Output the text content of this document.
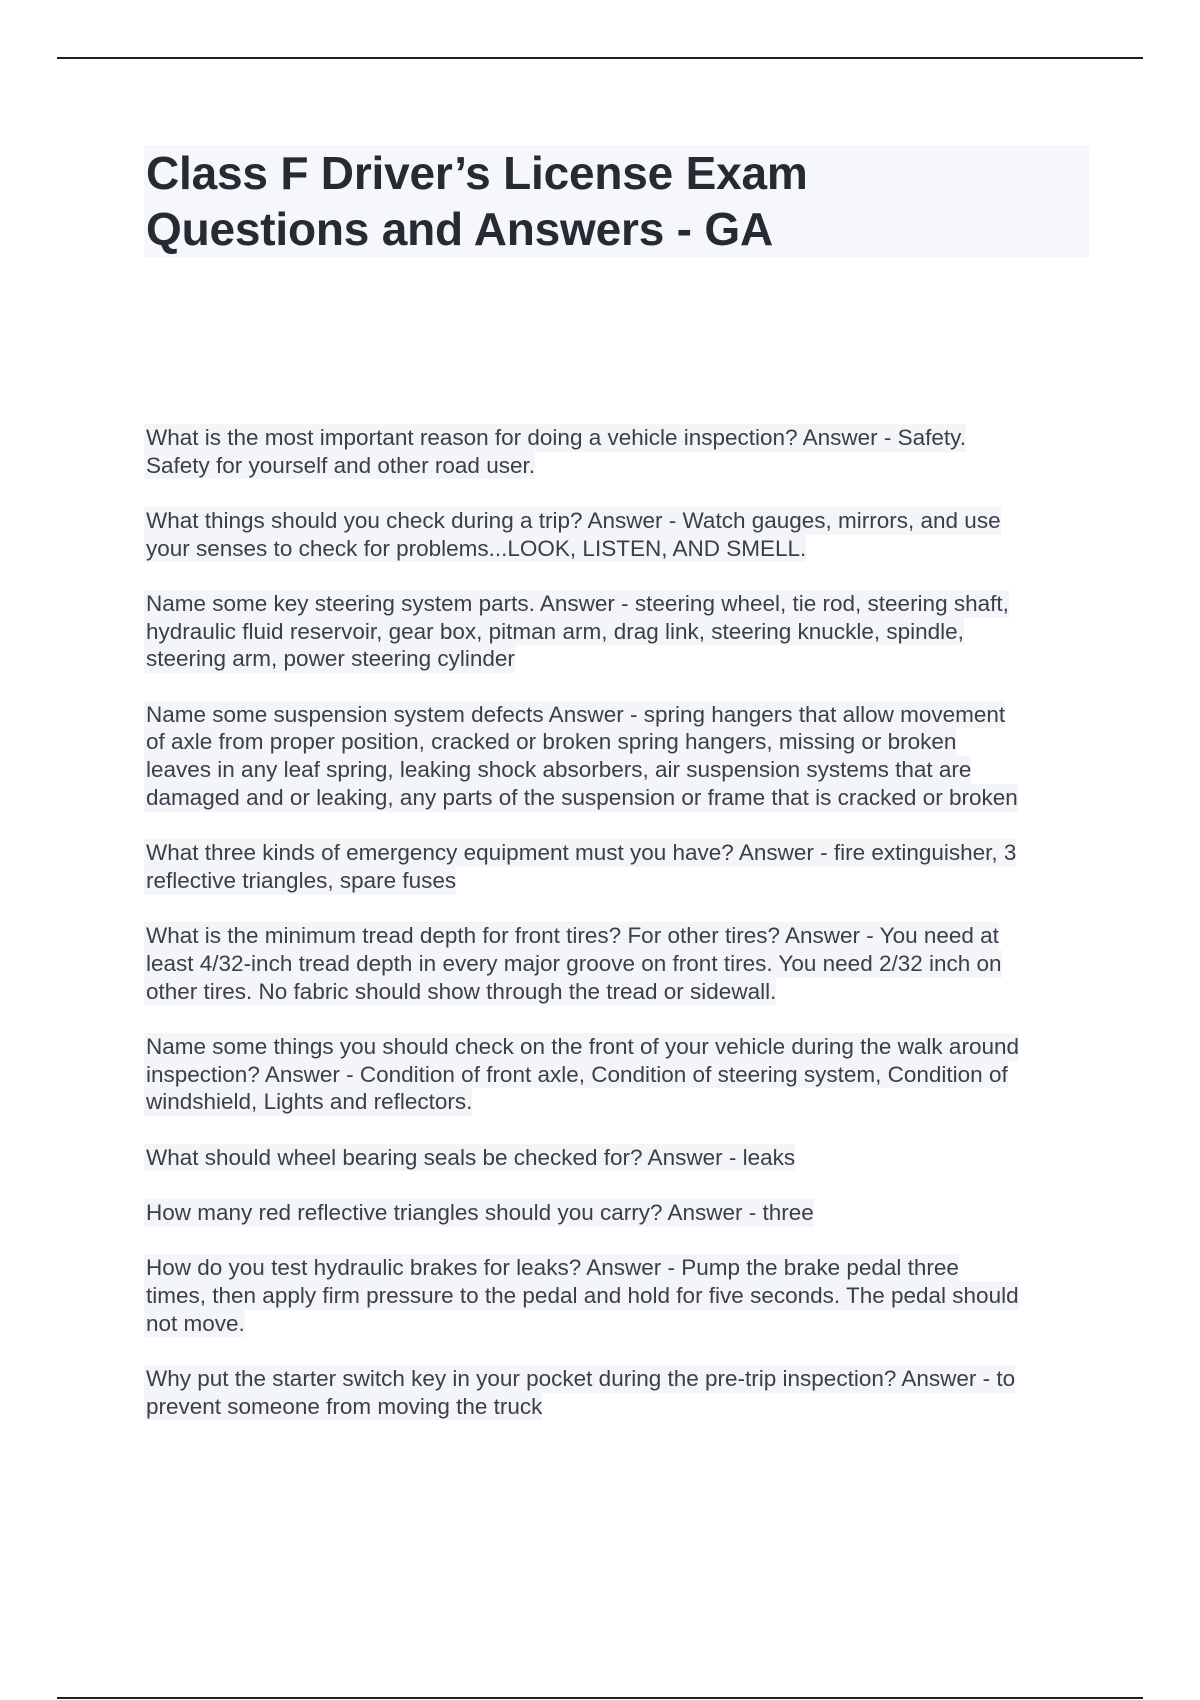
Class F Driver’s License Exam
Questions and Answers - GA
What is the most important reason for doing a vehicle inspection? Answer - Safety.
Safety for yourself and other road user.
What things should you check during a trip? Answer - Watch gauges, mirrors, and use
your senses to check for problems...LOOK, LISTEN, AND SMELL.
Name some key steering system parts. Answer - steering wheel, tie rod, steering shaft,
hydraulic fluid reservoir, gear box, pitman arm, drag link, steering knuckle, spindle,
steering arm, power steering cylinder
Name some suspension system defects Answer - spring hangers that allow movement
of axle from proper position, cracked or broken spring hangers, missing or broken
leaves in any leaf spring, leaking shock absorbers, air suspension systems that are
damaged and or leaking, any parts of the suspension or frame that is cracked or broken
What three kinds of emergency equipment must you have? Answer - fire extinguisher, 3
reflective triangles, spare fuses
What is the minimum tread depth for front tires? For other tires? Answer - You need at
least 4/32-inch tread depth in every major groove on front tires. You need 2/32 inch on
other tires. No fabric should show through the tread or sidewall.
Name some things you should check on the front of your vehicle during the walk around
inspection? Answer - Condition of front axle, Condition of steering system, Condition of
windshield, Lights and reflectors.
What should wheel bearing seals be checked for? Answer - leaks
How many red reflective triangles should you carry? Answer - three
How do you test hydraulic brakes for leaks? Answer - Pump the brake pedal three
times, then apply firm pressure to the pedal and hold for five seconds. The pedal should
not move.
Why put the starter switch key in your pocket during the pre-trip inspection? Answer - to
prevent someone from moving the truck
